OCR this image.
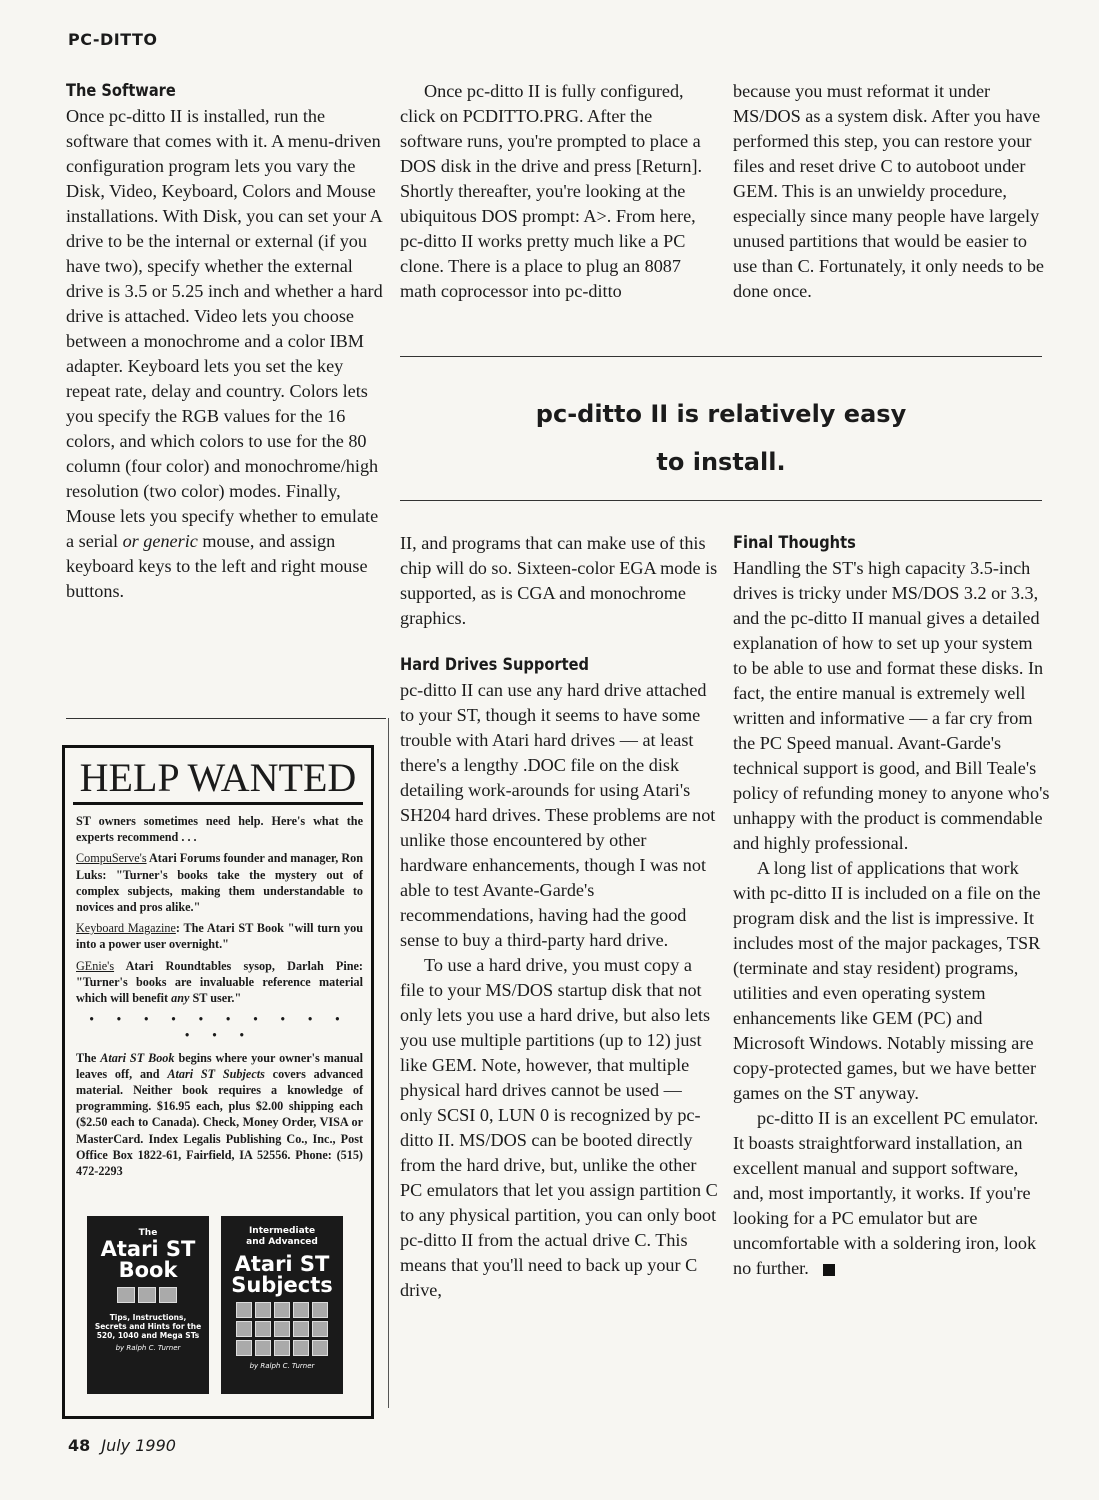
PC-DITTO
The Software

Once pc-ditto II is installed, run the software that comes with it. A menu-driven configuration program lets you vary the Disk, Video, Keyboard, Colors and Mouse installations. With Disk, you can set your A drive to be the internal or external (if you have two), specify whether the external drive is 3.5 or 5.25 inch and whether a hard drive is attached. Video lets you choose between a monochrome and a color IBM adapter. Keyboard lets you set the key repeat rate, delay and country. Colors lets you specify the RGB values for the 16 colors, and which colors to use for the 80 column (four color) and monochrome/high resolution (two color) modes. Finally, Mouse lets you specify whether to emulate a serial or generic mouse, and assign keyboard keys to the left and right mouse buttons.

Once pc-ditto II is fully configured, click on PCDITTO.PRG. After the software runs, you're prompted to place a DOS disk in the drive and press [Return]. Shortly thereafter, you're looking at the ubiquitous DOS prompt: A>. From here, pc-ditto II works pretty much like a PC clone. There is a place to plug an 8087 math coprocessor into pc-ditto

because you must reformat it under MS/DOS as a system disk. After you have performed this step, you can restore your files and reset drive C to autoboot under GEM. This is an unwieldy procedure, especially since many people have largely unused partitions that would be easier to use than C. Fortunately, it only needs to be done once.

pc-ditto II is relatively easy
to install.

II, and programs that can make use of this chip will do so. Sixteen-color EGA mode is supported, as is CGA and monochrome graphics.

Hard Drives Supported

pc-ditto II can use any hard drive attached to your ST, though it seems to have some trouble with Atari hard drives — at least there's a lengthy .DOC file on the disk detailing work-arounds for using Atari's SH204 hard drives. These problems are not unlike those encountered by other hardware enhancements, though I was not able to test Avante-Garde's recommendations, having had the good sense to buy a third-party hard drive.

To use a hard drive, you must copy a file to your MS/DOS startup disk that not only lets you use a hard drive, but also lets you use multiple partitions (up to 12) just like GEM. Note, however, that multiple physical hard drives cannot be used — only SCSI 0, LUN 0 is recognized by pc-ditto II. MS/DOS can be booted directly from the hard drive, but, unlike the other PC emulators that let you assign partition C to any physical partition, you can only boot pc-ditto II from the actual drive C. This means that you'll need to back up your C drive,

Final Thoughts

Handling the ST's high capacity 3.5-inch drives is tricky under MS/DOS 3.2 or 3.3, and the pc-ditto II manual gives a detailed explanation of how to set up your system to be able to use and format these disks. In fact, the entire manual is extremely well written and informative — a far cry from the PC Speed manual. Avant-Garde's technical support is good, and Bill Teale's policy of refunding money to anyone who's unhappy with the product is commendable and highly professional.

A long list of applications that work with pc-ditto II is included on a file on the program disk and the list is impressive. It includes most of the major packages, TSR (terminate and stay resident) programs, utilities and even operating system enhancements like GEM (PC) and Microsoft Windows. Notably missing are copy-protected games, but we have better games on the ST anyway.

pc-ditto II is an excellent PC emulator. It boasts straightforward installation, an excellent manual and support software, and, most importantly, it works. If you're looking for a PC emulator but are uncomfortable with a soldering iron, look no further.

HELP WANTED

ST owners sometimes need help. Here's what the experts recommend . . .

CompuServe's Atari Forums founder and manager, Ron Luks: "Turner's books take the mystery out of complex subjects, making them understandable to novices and pros alike."

Keyboard Magazine: The Atari ST Book "will turn you into a power user overnight."

GEnie's Atari Roundtables sysop, Darlah Pine: "Turner's books are invaluable reference material which will benefit any ST user."

• • • • • • • • • • • • •

The Atari ST Book begins where your owner's manual leaves off, and Atari ST Subjects covers advanced material. Neither book requires a knowledge of programming. $16.95 each, plus $2.00 shipping each ($2.50 each to Canada). Check, Money Order, VISA or MasterCard. Index Legalis Publishing Co., Inc., Post Office Box 1822-61, Fairfield, IA 52556. Phone: (515) 472-2293

The
Atari ST
Book
Tips, Instructions, Secrets and Hints for the 520, 1040 and Mega STs
by Ralph C. Turner
Intermediate
and Advanced
Atari ST
Subjects
by Ralph C. Turner
48 July 1990
